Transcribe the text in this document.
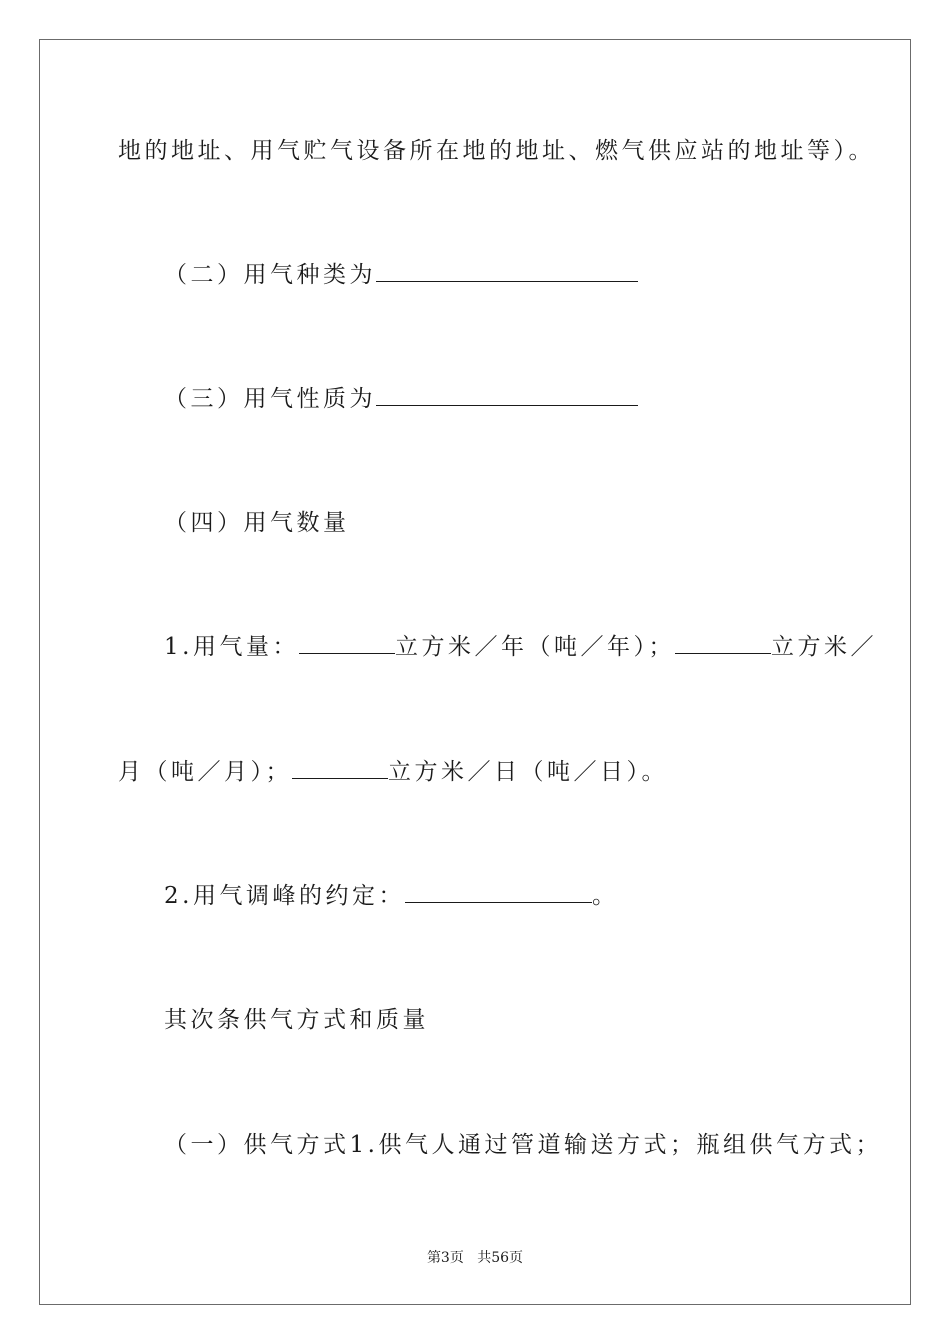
地的地址、用气贮气设备所在地的地址、燃气供应站的地址等）。
（二）用气种类为
（三）用气性质为
（四）用气数量
1.用气量：	立方米／年（吨／年）；	立方米／
月（吨／月）；	立方米／日（吨／日）。
2.用气调峰的约定：	。
其次条供气方式和质量
（一）供气方式1.供气人通过管道输送方式；瓶组供气方式；
第3页 共56页
